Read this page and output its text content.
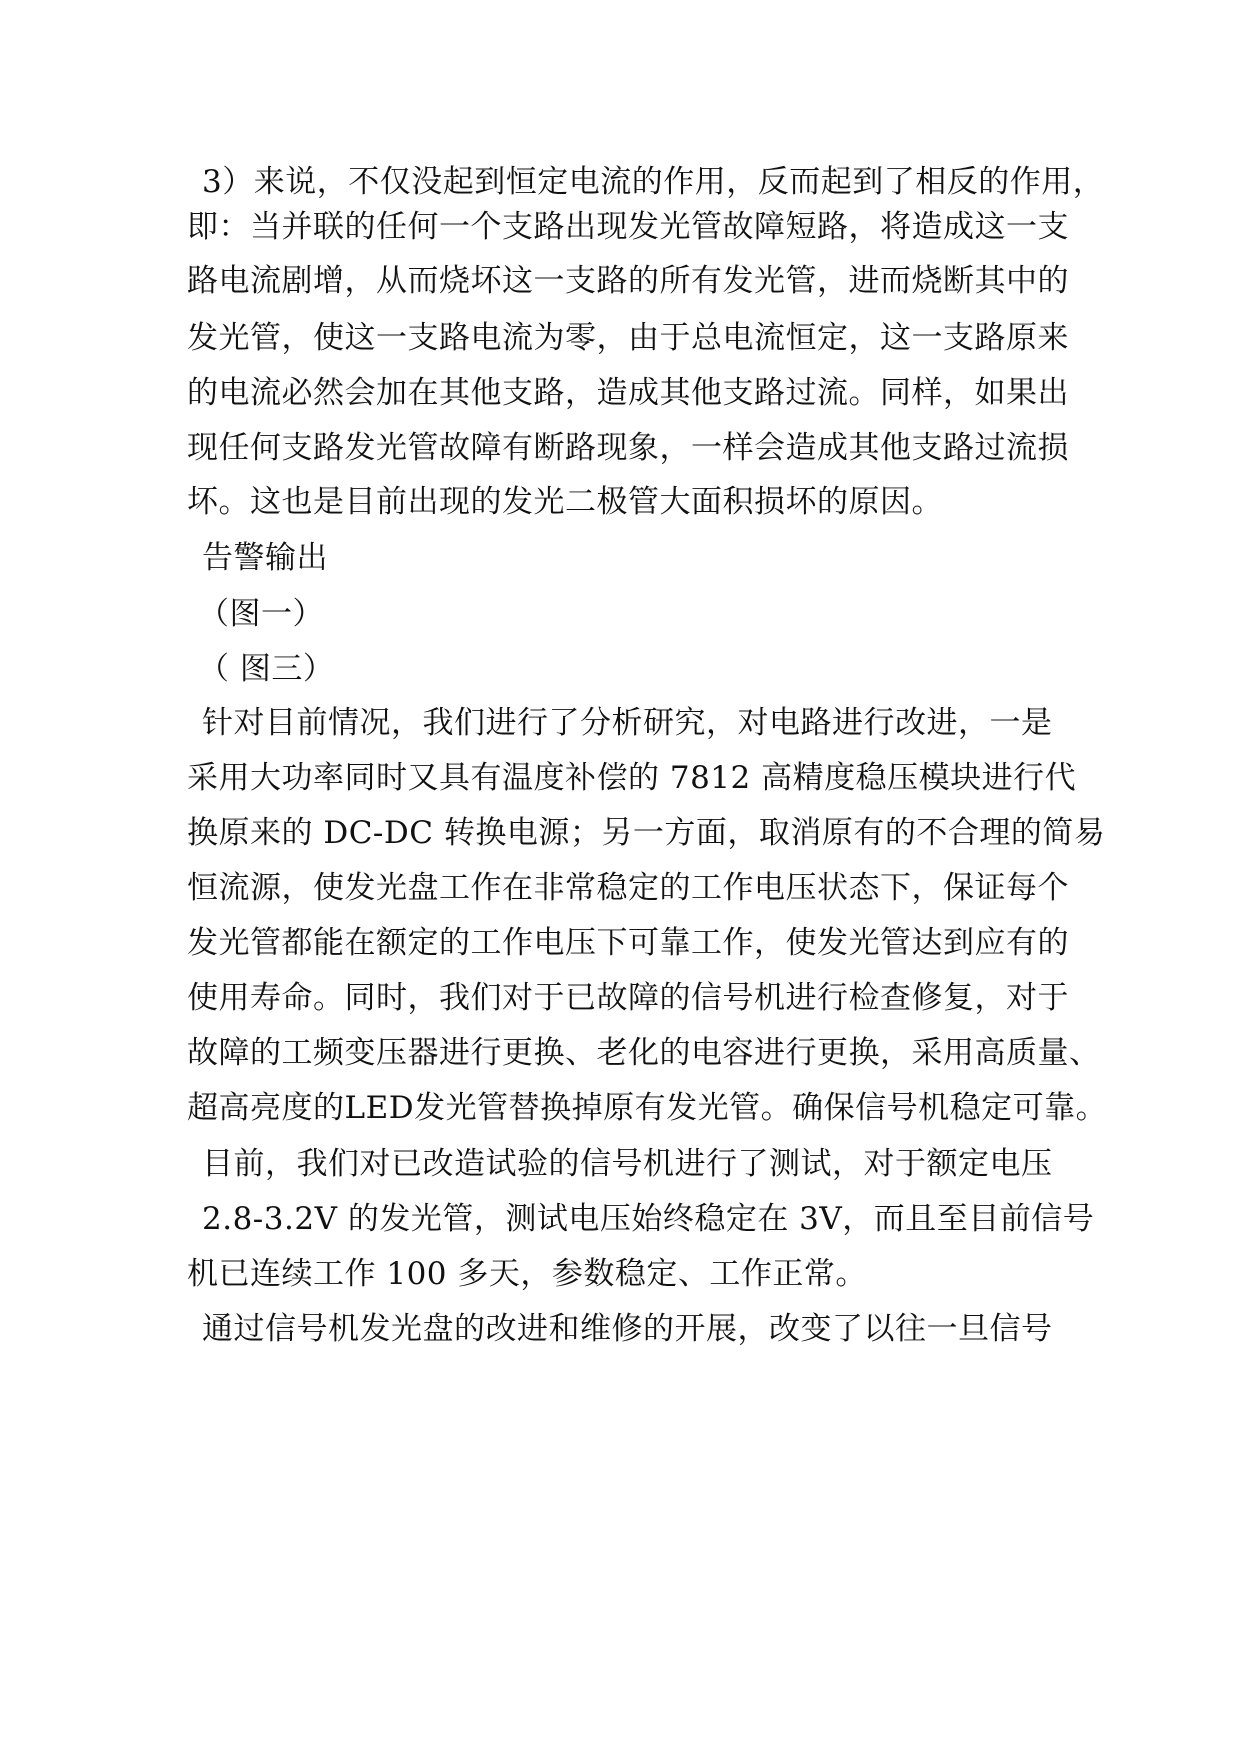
3）来说，不仅没起到恒定电流的作用，反而起到了相反的作用，
即：当并联的任何一个支路出现发光管故障短路，将造成这一支
路电流剧增，从而烧坏这一支路的所有发光管，进而烧断其中的
发光管，使这一支路电流为零，由于总电流恒定，这一支路原来
的电流必然会加在其他支路，造成其他支路过流。同样，如果出
现任何支路发光管故障有断路现象，一样会造成其他支路过流损
坏。这也是目前出现的发光二极管大面积损坏的原因。
告警输出
（图一）
（ 图三）
针对目前情况，我们进行了分析研究，对电路进行改进，一是
采用大功率同时又具有温度补偿的 7812 高精度稳压模块进行代
换原来的 DC-DC 转换电源；另一方面，取消原有的不合理的简易
恒流源，使发光盘工作在非常稳定的工作电压状态下，保证每个
发光管都能在额定的工作电压下可靠工作，使发光管达到应有的
使用寿命。同时，我们对于已故障的信号机进行检查修复，对于
故障的工频变压器进行更换、老化的电容进行更换，采用高质量、
超高亮度的LED发光管替换掉原有发光管。确保信号机稳定可靠。
目前，我们对已改造试验的信号机进行了测试，对于额定电压
2.8-3.2V 的发光管，测试电压始终稳定在 3V，而且至目前信号
机已连续工作 100 多天，参数稳定、工作正常。
通过信号机发光盘的改进和维修的开展，改变了以往一旦信号
